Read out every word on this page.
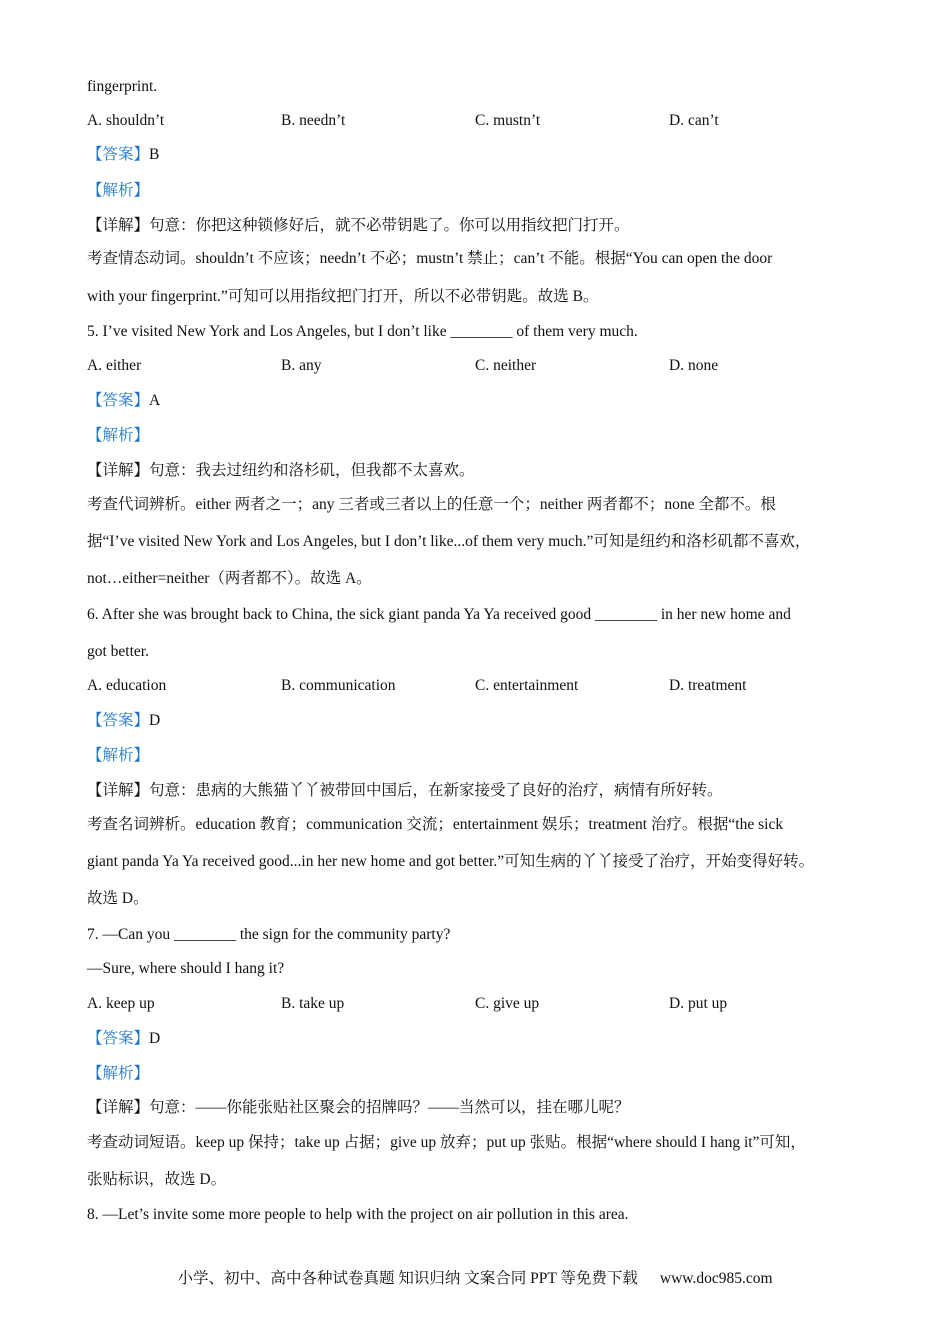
fingerprint.
A. shouldn’t	B. needn’t	C. mustn’t	D. can’t
【答案】B
【解析】
【详解】句意：你把这种锁修好后，就不必带钥匙了。你可以用指纹把门打开。
考查情态动词。shouldn’t 不应该；needn’t 不必；mustn’t 禁止；can’t 不能。根据“You can open the door
with your fingerprint.”可知可以用指纹把门打开，所以不必带钥匙。故选 B。
5. I’ve visited New York and Los Angeles, but I don’t like ________ of them very much.
A. either	B. any	C. neither	D. none
【答案】A
【解析】
【详解】句意：我去过纽约和洛杉矶，但我都不太喜欢。
考查代词辨析。either 两者之一；any 三者或三者以上的任意一个；neither 两者都不；none 全都不。根
据“I’ve visited New York and Los Angeles, but I don’t like...of them very much.”可知是纽约和洛杉矶都不喜欢，
not…either=neither（两者都不）。故选 A。
6. After she was brought back to China, the sick giant panda Ya Ya received good ________ in her new home and
got better.
A. education	B. communication	C. entertainment	D. treatment
【答案】D
【解析】
【详解】句意：患病的大熊猫丫丫被带回中国后，在新家接受了良好的治疗，病情有所好转。
考查名词辨析。education 教育；communication 交流；entertainment 娱乐；treatment 治疗。根据“the sick
giant panda Ya Ya received good...in her new home and got better.”可知生病的丫丫接受了治疗，开始变得好转。
故选 D。
7. —Can you ________ the sign for the community party?
—Sure, where should I hang it?
A. keep up	B. take up	C. give up	D. put up
【答案】D
【解析】
【详解】句意：——你能张贴社区聚会的招牌吗？——当然可以，挂在哪儿呢？
考查动词短语。keep up 保持；take up 占据；give up 放弃；put up 张贴。根据“where should I hang it”可知，
张贴标识，故选 D。
8. —Let’s invite some more people to help with the project on air pollution in this area.
小学、初中、高中各种试卷真题 知识归纳 文案合同 PPT 等免费下载 www.doc985.com
